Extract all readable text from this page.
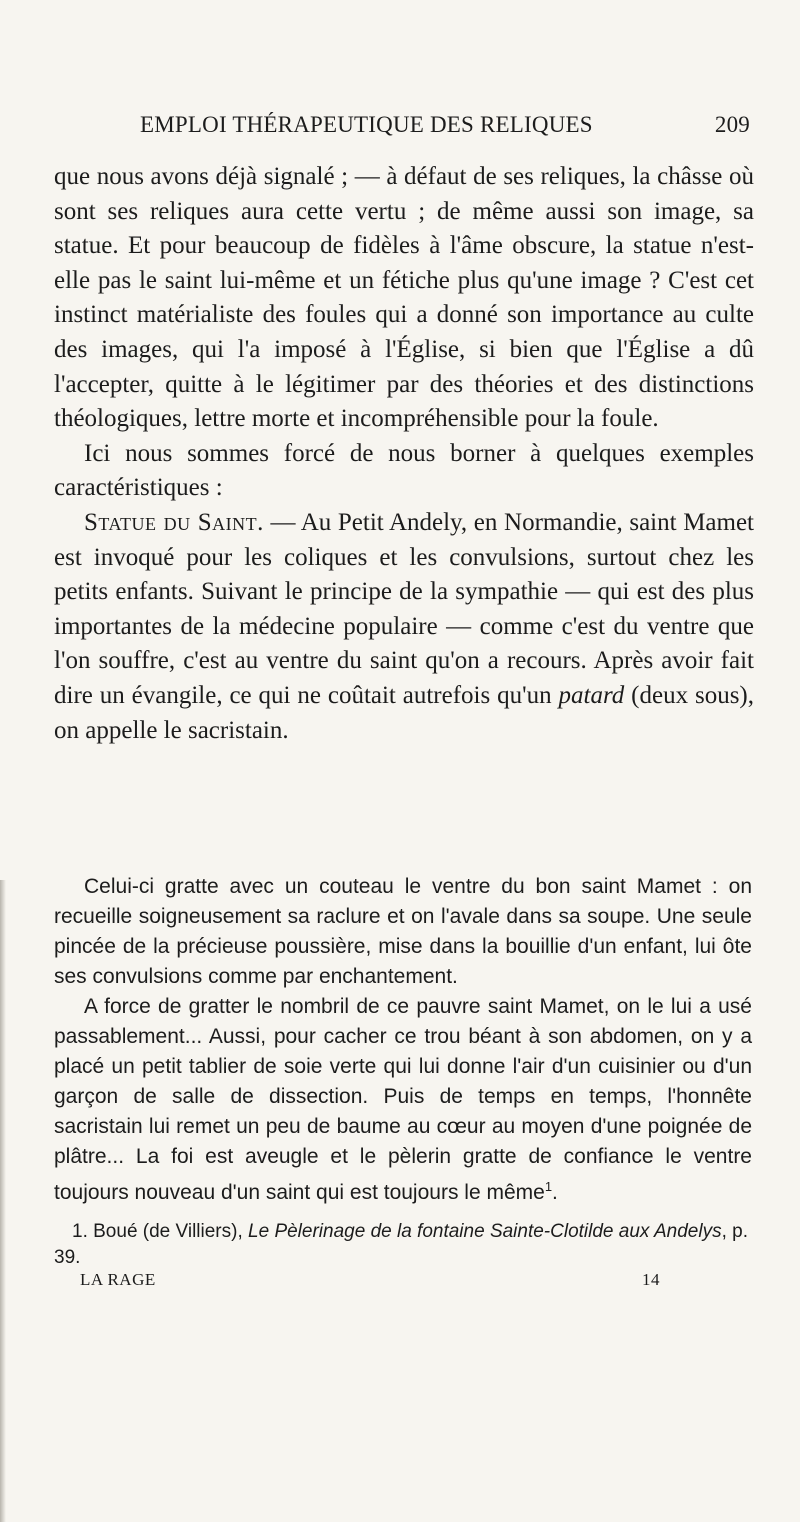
EMPLOI THÉRAPEUTIQUE DES RELIQUES	209

que nous avons déjà signalé ; — à défaut de ses reliques, la châsse où sont ses reliques aura cette vertu ; de même aussi son image, sa statue. Et pour beaucoup de fidèles à l'âme obscure, la statue n'est-elle pas le saint lui-même et un fétiche plus qu'une image ? C'est cet instinct matérialiste des foules qui a donné son importance au culte des images, qui l'a imposé à l'Église, si bien que l'Église a dû l'accepter, quitte à le légitimer par des théories et des distinctions théologiques, lettre morte et incompréhensible pour la foule.

Ici nous sommes forcé de nous borner à quelques exemples caractéristiques :

Statue du Saint. — Au Petit Andely, en Normandie, saint Mamet est invoqué pour les coliques et les convulsions, surtout chez les petits enfants. Suivant le principe de la sympathie — qui est des plus importantes de la médecine populaire — comme c'est du ventre que l'on souffre, c'est au ventre du saint qu'on a recours. Après avoir fait dire un évangile, ce qui ne coûtait autrefois qu'un patard (deux sous), on appelle le sacristain.

Celui-ci gratte avec un couteau le ventre du bon saint Mamet : on recueille soigneusement sa raclure et on l'avale dans sa soupe. Une seule pincée de la précieuse poussière, mise dans la bouillie d'un enfant, lui ôte ses convulsions comme par enchantement.

A force de gratter le nombril de ce pauvre saint Mamet, on le lui a usé passablement... Aussi, pour cacher ce trou béant à son abdomen, on y a placé un petit tablier de soie verte qui lui donne l'air d'un cuisinier ou d'un garçon de salle de dissection. Puis de temps en temps, l'honnête sacristain lui remet un peu de baume au cœur au moyen d'une poignée de plâtre... La foi est aveugle et le pèlerin gratte de confiance le ventre toujours nouveau d'un saint qui est toujours le même$^1$.

1. Boué (de Villiers), Le Pèlerinage de la fontaine Sainte-Clotilde aux Andelys, p. 39.

LA RAGE	14
